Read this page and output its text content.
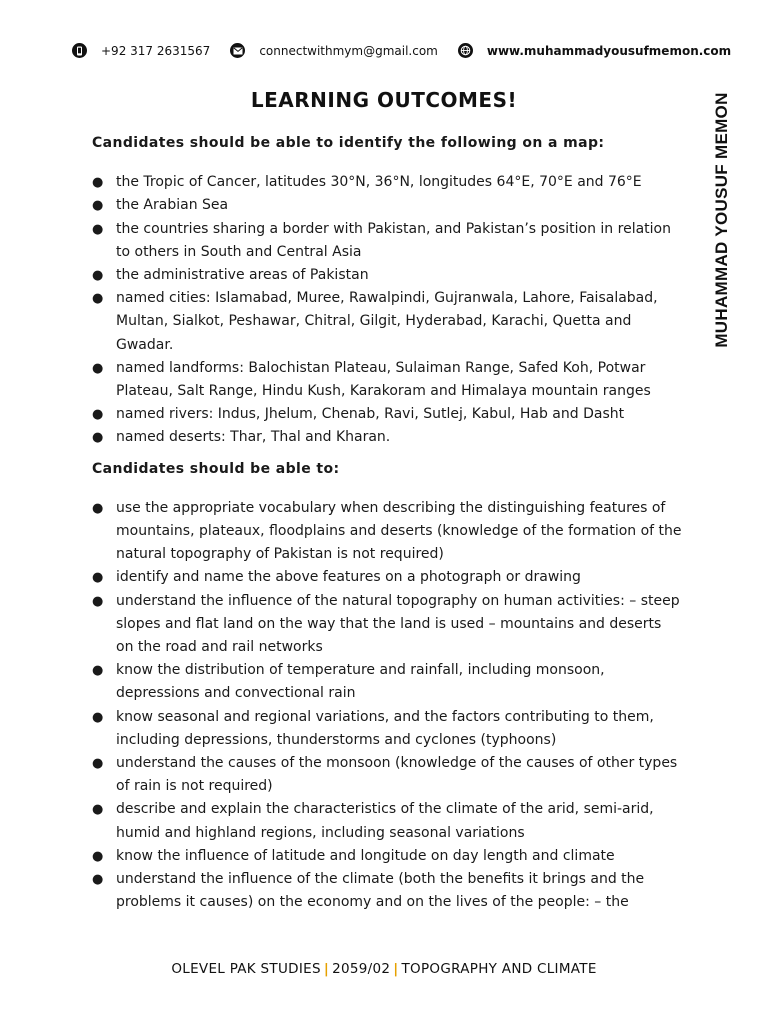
+92 317 2631567	connectwithmym@gmail.com	www.muhammadyousufmemon.com
MUHAMMAD YOUSUF MEMON
LEARNING OUTCOMES!

Candidates should be able to identify the following on a map:

● the Tropic of Cancer, latitudes 30°N, 36°N, longitudes 64°E, 70°E and 76°E
● the Arabian Sea
● the countries sharing a border with Pakistan, and Pakistan’s position in relation to others in South and Central Asia
● the administrative areas of Pakistan
● named cities: Islamabad, Muree, Rawalpindi, Gujranwala, Lahore, Faisalabad, Multan, Sialkot, Peshawar, Chitral, Gilgit, Hyderabad, Karachi, Quetta and Gwadar.
● named landforms: Balochistan Plateau, Sulaiman Range, Safed Koh, Potwar Plateau, Salt Range, Hindu Kush, Karakoram and Himalaya mountain ranges
● named rivers: Indus, Jhelum, Chenab, Ravi, Sutlej, Kabul, Hab and Dasht
● named deserts: Thar, Thal and Kharan.

Candidates should be able to:

● use the appropriate vocabulary when describing the distinguishing features of mountains, plateaux, floodplains and deserts (knowledge of the formation of the natural topography of Pakistan is not required)
● identify and name the above features on a photograph or drawing
● understand the influence of the natural topography on human activities: – steep slopes and flat land on the way that the land is used – mountains and deserts on the road and rail networks
● know the distribution of temperature and rainfall, including monsoon, depressions and convectional rain
● know seasonal and regional variations, and the factors contributing to them, including depressions, thunderstorms and cyclones (typhoons)
● understand the causes of the monsoon (knowledge of the causes of other types of rain is not required)
● describe and explain the characteristics of the climate of the arid, semi-arid, humid and highland regions, including seasonal variations
● know the influence of latitude and longitude on day length and climate
● understand the influence of the climate (both the benefits it brings and the problems it causes) on the economy and on the lives of the people: – the
OLEVEL PAK STUDIES | 2059/02 | TOPOGRAPHY AND CLIMATE
